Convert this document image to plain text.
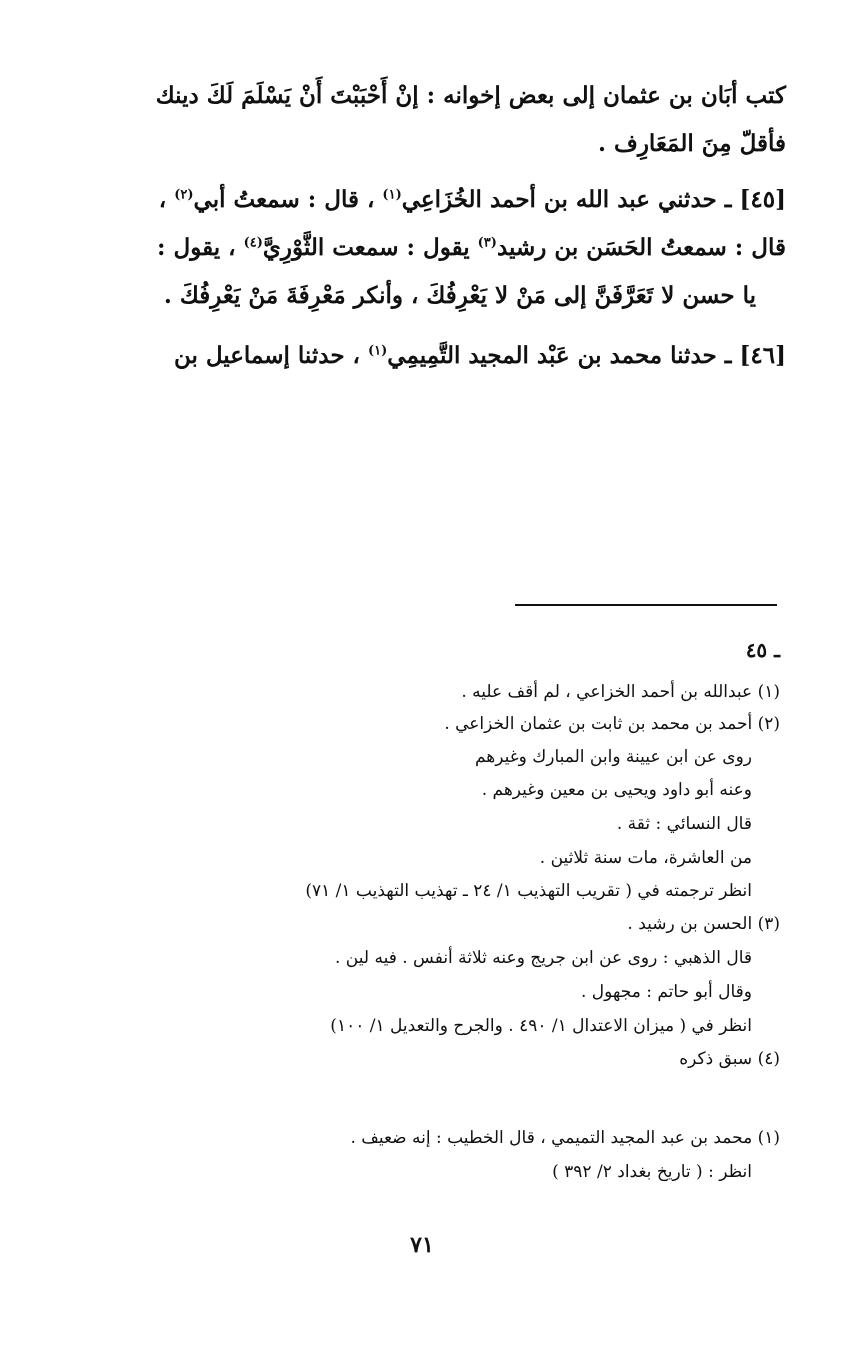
كتب أبَان بن عثمان إلى بعض إخوانه : إنْ أَحْبَبْتَ أَنْ يَسْلَمَ لَكَ دينك

فأقلّ مِنَ المَعَارِف .

[٤٥] ـ حدثني عبد الله بن أحمد الخُزَاعِي$^{(١)}$ ، قال : سمعتُ أبي$^{(٢)}$ ،

قال : سمعتُ الحَسَن بن رشيد$^{(٣)}$ يقول : سمعت الثَّوْرِيَّ$^{(٤)}$ ، يقول :

يا حسن لا تَعَرَّفَنَّ إلى مَنْ لا يَعْرِفُكَ ، وأنكر مَعْرِفَةَ مَنْ يَعْرِفُكَ .

[٤٦] ـ حدثنا محمد بن عَبْد المجيد التَّمِيمِي$^{(١)}$ ، حدثنا إسماعيل بن

ـ ٤٥
(١) عبدالله بن أحمد الخزاعي ، لم أقف عليه .
(٢) أحمد بن محمد بن ثابت بن عثمان الخزاعي .
روى عن ابن عيينة وابن المبارك وغيرهم
وعنه أبو داود ويحيى بن معين وغيرهم .
قال النسائي : ثقة .
من العاشرة، مات سنة ثلاثين .
انظر ترجمته في ( تقريب التهذيب ١/ ٢٤ ـ تهذيب التهذيب ١/ ٧١)
(٣) الحسن بن رشيد .
قال الذهبي : روى عن ابن جريج وعنه ثلاثة أنفس . فيه لين .
وقال أبو حاتم : مجهول .
انظر في ( ميزان الاعتدال ١/ ٤٩٠ . والجرح والتعديل ١/ ١٠٠)
(٤) سبق ذكره
(١) محمد بن عبد المجيد التميمي ، قال الخطيب : إنه ضعيف .
انظر : ( تاريخ بغداد ٢/ ٣٩٢ )
٧١
